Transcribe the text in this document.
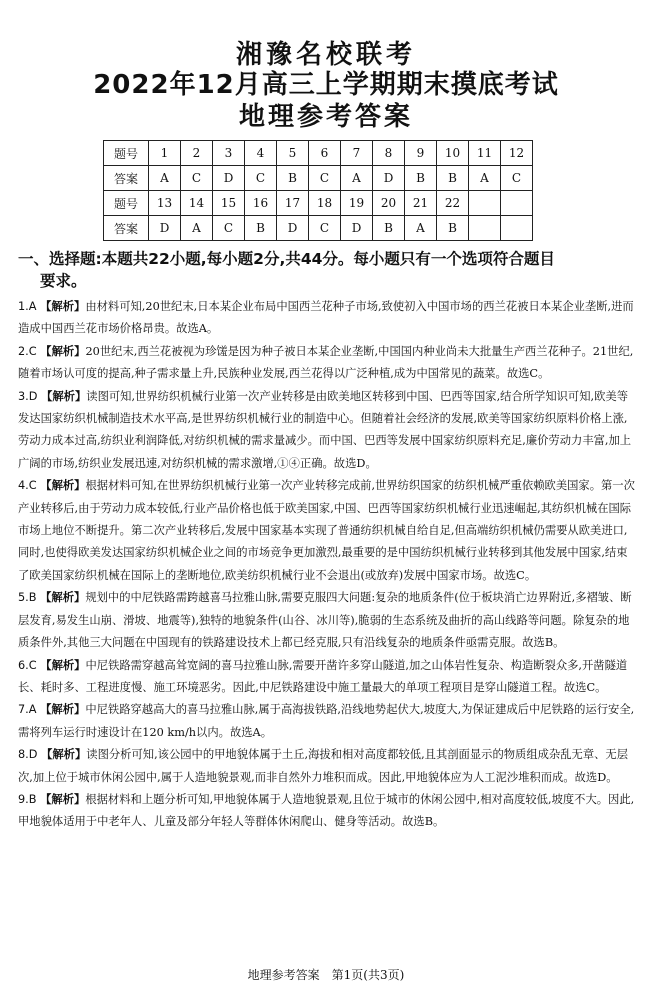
湘豫名校联考
2022年12月高三上学期期末摸底考试
地理参考答案
题号	1	2	3	4	5	6	7	8	9	10	11	12
答案	A	C	D	C	B	C	A	D	B	B	A	C
题号	13	14	15	16	17	18	19	20	21	22		
答案	D	A	C	B	D	C	D	B	A	B		
一、选择题:本题共22小题,每小题2分,共44分。每小题只有一个选项符合题目
要求。
1.A 【解析】由材料可知,20世纪末,日本某企业布局中国西兰花种子市场,致使初入中国市场的西兰花被日本某企业垄断,进而造成中国西兰花市场价格昂贵。故选A。
2.C 【解析】20世纪末,西兰花被视为珍馐是因为种子被日本某企业垄断,中国国内种业尚未大批量生产西兰花种子。21世纪,随着市场认可度的提高,种子需求量上升,民族种业发展,西兰花得以广泛种植,成为中国常见的蔬菜。故选C。
3.D 【解析】读图可知,世界纺织机械行业第一次产业转移是由欧美地区转移到中国、巴西等国家,结合所学知识可知,欧美等发达国家纺织机械制造技术水平高,是世界纺织机械行业的制造中心。但随着社会经济的发展,欧美等国家纺织原料价格上涨,劳动力成本过高,纺织业利润降低,对纺织机械的需求量减少。而中国、巴西等发展中国家纺织原料充足,廉价劳动力丰富,加上广阔的市场,纺织业发展迅速,对纺织机械的需求激增,①④正确。故选D。
4.C 【解析】根据材料可知,在世界纺织机械行业第一次产业转移完成前,世界纺织国家的纺织机械严重依赖欧美国家。第一次产业转移后,由于劳动力成本较低,行业产品价格也低于欧美国家,中国、巴西等国家纺织机械行业迅速崛起,其纺织机械在国际市场上地位不断提升。第二次产业转移后,发展中国家基本实现了普通纺织机械自给自足,但高端纺织机械仍需要从欧美进口,同时,也使得欧美发达国家纺织机械企业之间的市场竞争更加激烈,最重要的是中国纺织机械行业转移到其他发展中国家,结束了欧美国家纺织机械在国际上的垄断地位,欧美纺织机械行业不会退出(或放弃)发展中国家市场。故选C。
5.B 【解析】规划中的中尼铁路需跨越喜马拉雅山脉,需要克服四大问题:复杂的地质条件(位于板块消亡边界附近,多褶皱、断层发育,易发生山崩、滑坡、地震等),独特的地貌条件(山谷、冰川等),脆弱的生态系统及曲折的高山线路等问题。除复杂的地质条件外,其他三大问题在中国现有的铁路建设技术上都已经克服,只有沿线复杂的地质条件亟需克服。故选B。
6.C 【解析】中尼铁路需穿越高耸宽阔的喜马拉雅山脉,需要开凿许多穿山隧道,加之山体岩性复杂、构造断裂众多,开凿隧道长、耗时多、工程进度慢、施工环境恶劣。因此,中尼铁路建设中施工量最大的单项工程项目是穿山隧道工程。故选C。
7.A 【解析】中尼铁路穿越高大的喜马拉雅山脉,属于高海拔铁路,沿线地势起伏大,坡度大,为保证建成后中尼铁路的运行安全,需将列车运行时速设计在120 km/h以内。故选A。
8.D 【解析】读图分析可知,该公园中的甲地貌体属于土丘,海拔和相对高度都较低,且其剖面显示的物质组成杂乱无章、无层次,加上位于城市休闲公园中,属于人造地貌景观,而非自然外力堆积而成。因此,甲地貌体应为人工泥沙堆积而成。故选D。
9.B 【解析】根据材料和上题分析可知,甲地貌体属于人造地貌景观,且位于城市的休闲公园中,相对高度较低,坡度不大。因此,甲地貌体适用于中老年人、儿童及部分年轻人等群体休闲爬山、健身等活动。故选B。
地理参考答案　第1页(共3页)
